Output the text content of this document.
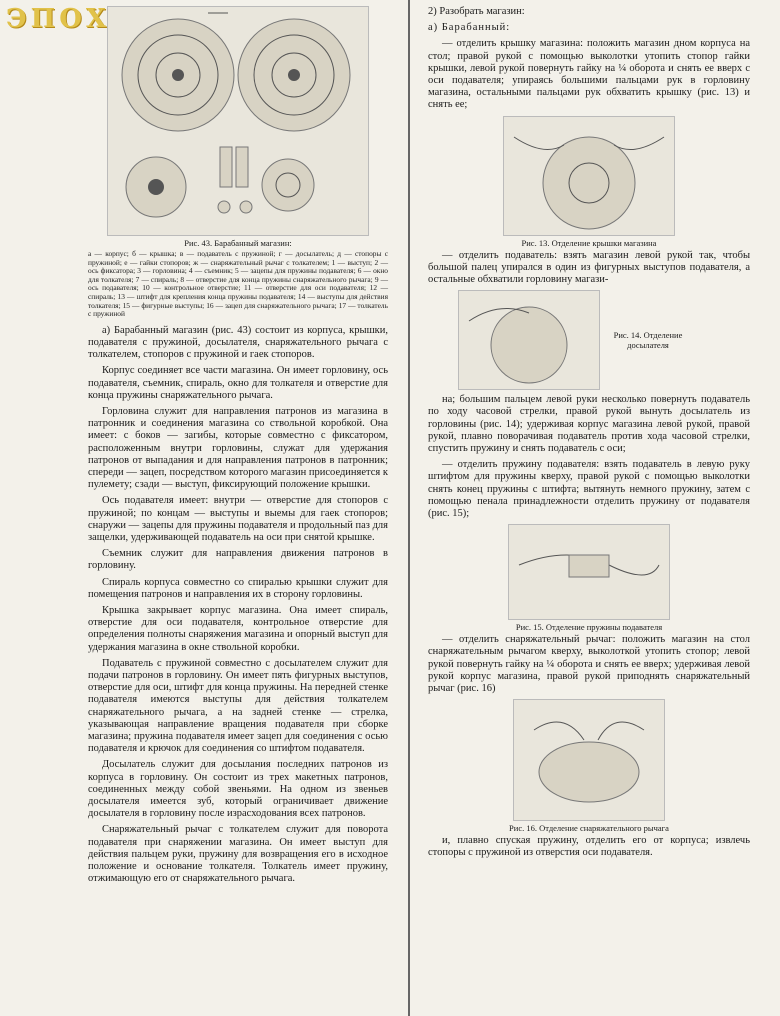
ЭПОХА
Рис. 43. Барабанный магазин:
а — корпус; б — крышка; в — подаватель с пружиной; г — досылатель; д — стопоры с пружиной; е — гайки стопоров; ж — снаряжательный рычаг с толкателем; 1 — выступ; 2 — ось фиксатора; 3 — горловина; 4 — съемник; 5 — зацепы для пружины подавателя; 6 — окно для толкателя; 7 — спираль; 8 — отверстие для конца пружины снаряжательного рычага; 9 — ось подавателя; 10 — контрольное отверстие; 11 — отверстие для оси подавателя; 12 — спираль; 13 — штифт для крепления конца пружины подавателя; 14 — выступы для действия толкателя; 15 — фигурные выступы; 16 — зацеп для снаряжательного рычага; 17 — толкатель с пружиной

а) Барабанный магазин (рис. 43) состоит из корпуса, крышки, подавателя с пружиной, досылателя, снаряжательного рычага с толкателем, стопоров с пружиной и гаек стопоров.

Корпус соединяет все части магазина. Он имеет горловину, ось подавателя, съемник, спираль, окно для толкателя и отверстие для конца пружины снаряжательного рычага.

Горловина служит для направления патронов из магазина в патронник и соединения магазина со ствольной коробкой. Она имеет: с боков — загибы, которые совместно с фиксатором, расположенным внутри горловины, служат для удержания патронов от выпадания и для направления патронов в патронник; спереди — зацеп, посредством которого магазин присоединяется к пулемету; сзади — выступ, фиксирующий положение крышки.

Ось подавателя имеет: внутри — отверстие для стопоров с пружиной; по концам — выступы и выемы для гаек стопоров; снаружи — зацепы для пружины подавателя и продольный паз для защелки, удерживающей подаватель на оси при снятой крышке.

Съемник служит для направления движения патронов в горловину.

Спираль корпуса совместно со спиралью крышки служит для помещения патронов и направления их в сторону горловины.

Крышка закрывает корпус магазина. Она имеет спираль, отверстие для оси подавателя, контрольное отверстие для определения полноты снаряжения магазина и опорный выступ для удержания магазина в окне ствольной коробки.

Подаватель с пружиной совместно с досылателем служит для подачи патронов в горловину. Он имеет пять фигурных выступов, отверстие для оси, штифт для конца пружины. На передней стенке подавателя имеются выступы для действия толкателем снаряжательного рычага, а на задней стенке — стрелка, указывающая направление вращения подавателя при сборке магазина; пружина подавателя имеет зацеп для соединения с осью подавателя и крючок для соединения со штифтом подавателя.

Досылатель служит для досылания последних патронов из корпуса в горловину. Он состоит из трех макетных патронов, соединенных между собой звеньями. На одном из звеньев досылателя имеется зуб, который ограничивает движение досылателя в горловину после израсходования всех патронов.

Снаряжательный рычаг с толкателем служит для поворота подавателя при снаряжении магазина. Он имеет выступ для действия пальцем руки, пружину для возвращения его в исходное положение и основание толкателя. Толкатель имеет пружину, отжимающую его от снаряжательного рычага.

2) Разобрать магазин:

а) Барабанный:

— отделить крышку магазина: положить магазин дном корпуса на стол; правой рукой с помощью выколотки утопить стопор гайки крышки, левой рукой повернуть гайку на ¼ оборота и снять ее вверх с оси подавателя; упираясь большими пальцами рук в горловину магазина, остальными пальцами рук обхватить крышку (рис. 13) и снять ее;

Рис. 13. Отделение крышки магазина

— отделить подаватель: взять магазин левой рукой так, чтобы большой палец упирался в один из фигурных выступов подавателя, а остальные обхватили горловину магази-

Рис. 14. Отделение досылателя

на; большим пальцем левой руки несколько повернуть подаватель по ходу часовой стрелки, правой рукой вынуть досылатель из горловины (рис. 14); удерживая корпус магазина левой рукой, правой рукой, плавно поворачивая подаватель против хода часовой стрелки, спустить пружину и снять подаватель с оси;

— отделить пружину подавателя: взять подаватель в левую руку штифтом для пружины кверху, правой рукой с помощью выколотки снять конец пружины с штифта; вытянуть немного пружину, затем с помощью пенала принадлежности отделить пружину от подавателя (рис. 15);

Рис. 15. Отделение пружины подавателя

— отделить снаряжательный рычаг: положить магазин на стол снаряжательным рычагом кверху, выколоткой утопить стопор; левой рукой повернуть гайку на ¼ оборота и снять ее вверх; удерживая левой рукой корпус магазина, правой рукой приподнять снаряжательный рычаг (рис. 16)

Рис. 16. Отделение снаряжательного рычага

и, плавно спуская пружину, отделить его от корпуса; извлечь стопоры с пружиной из отверстия оси подавателя.
